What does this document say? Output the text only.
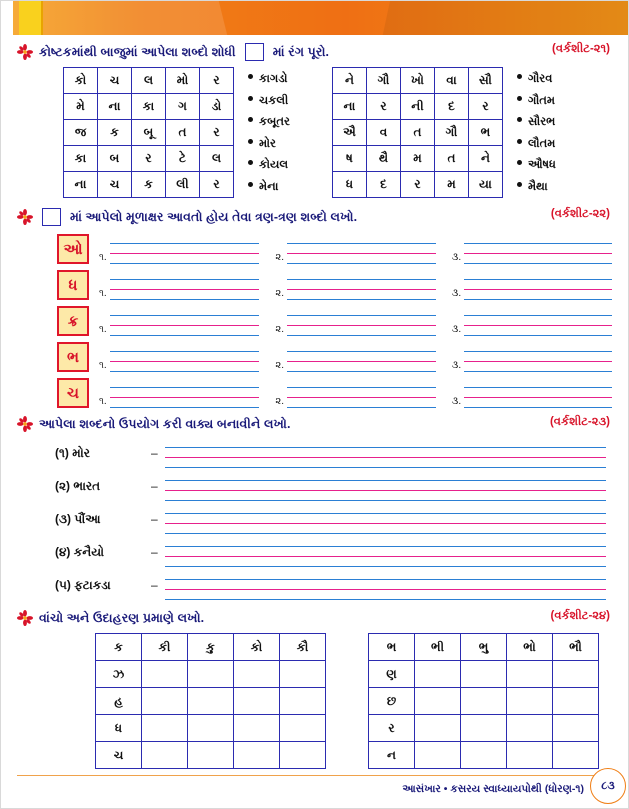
કોષ્ટકમાંથી બાજુમાં આપેલા શબ્દો શોધી	માં રંગ પૂરો.	(વર્કશીટ-૨૧)
કો	ચ	લ	મો	ર
મે	ના	કા	ગ	ડો
જ	ક	બૂ	ત	ર
કા	બ	ર	ટે	લ
ના	ચ	ક	લી	ર
કાગડો
ચકલી
કબૂતર
મોર
કોયલ
મેના
ને	ગૌ	ખો	વા	સૌ
ના	ર	ની	દ	ર
ઐ	વ	ત	ગૌ	ભ
ષ	થૈ	મ	ત	ને
ધ	દ	ર	મ	યા
ગૌરવ
ગૌતમ
સૌરભ
લૌતમ
ઔષધ
મૈથા
માં આપેલો મૂળાક્ષર આવતો હોય તેવા ત્રણ-ત્રણ શબ્દો લખો.	(વર્કશીટ-૨૨)
ઓ	૧.	૨.	૩.
ધ	૧.	૨.	૩.
ક્ર	૧.	૨.	૩.
ભ	૧.	૨.	૩.
ચ	૧.	૨.	૩.
આપેલા શબ્દનો ઉપયોગ કરી વાક્ય બનાવીને લખો.	(વર્કશીટ-૨૩)
(૧) મોર	–
(૨) ભારત	–
(૩) પૌંઆ	–
(૪) કનૈયો	–
(૫) ફટાકડા	–
વાંચો અને ઉદાહરણ પ્રમાણે લખો.	(વર્કશીટ-૨૪)
ક	કી	કુ	કો	કૌ
ઝ				
હ				
ધ				
ચ				
ભ	ભી	ભુ	ભો	ભૌ
ણ				
છ				
ર				
ન				
આસંખાર • કસરય સ્વાધ્યાયપોથી (ધોરણ-૧)	૮૩
